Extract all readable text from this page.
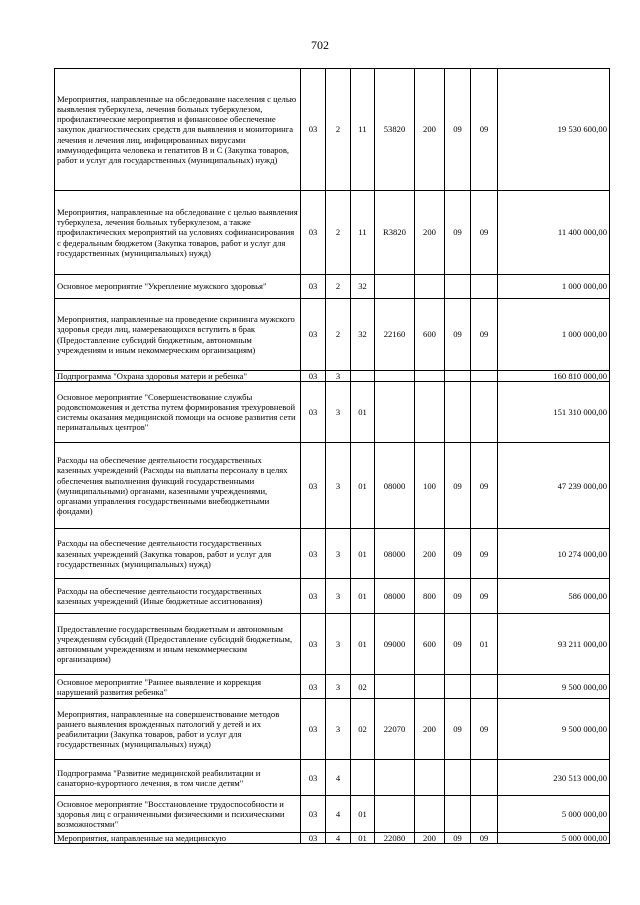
702
Мероприятия, направленные на обследование населения с целью выявления туберкулеза, лечения больных туберкулезом, профилактические мероприятия и финансовое обеспечение закупок диагностических средств для выявления и мониторинга лечения и лечения лиц, инфицированных вирусами иммунодефицита человека и гепатитов В и С (Закупка товаров, работ и услуг для государственных (муниципальных) нужд)	03	2	11	53820	200	09	09	19 530 600,00
Мероприятия, направленные на обследование с целью выявления туберкулеза, лечения больных туберкулезом, а также профилактических мероприятий на условиях софинансирования с федеральным бюджетом (Закупка товаров, работ и услуг для государственных (муниципальных) нужд)	03	2	11	R3820	200	09	09	11 400 000,00
Основное мероприятие "Укрепление мужского здоровья"	03	2	32					1 000 000,00
Мероприятия, направленные на проведение скрининга мужского здоровья среди лиц, намеревающихся вступить в брак (Предоставление субсидий бюджетным, автономным учреждениям и иным некоммерческим организациям)	03	2	32	22160	600	09	09	1 000 000,00
Подпрограмма "Охрана здоровья матери и ребенка"	03	3						160 810 000,00
Основное мероприятие "Совершенствование службы родовспоможения и детства путем формирования трехуровневой системы оказания медицинской помощи на основе развития сети перинатальных центров"	03	3	01					151 310 000,00
Расходы на обеспечение деятельности государственных казенных учреждений (Расходы на выплаты персоналу в целях обеспечения выполнения функций государственными (муниципальными) органами, казенными учреждениями, органами управления государственными внебюджетными фондами)	03	3	01	08000	100	09	09	47 239 000,00
Расходы на обеспечение деятельности государственных казенных учреждений (Закупка товаров, работ и услуг для государственных (муниципальных) нужд)	03	3	01	08000	200	09	09	10 274 000,00
Расходы на обеспечение деятельности государственных казенных учреждений (Иные бюджетные ассигнования)	03	3	01	08000	800	09	09	586 000,00
Предоставление государственным бюджетным и автономным учреждениям субсидий (Предоставление субсидий бюджетным, автономным учреждениям и иным некоммерческим организациям)	03	3	01	09000	600	09	01	93 211 000,00
Основное мероприятие "Раннее выявление и коррекция нарушений развития ребенка"	03	3	02					9 500 000,00
Мероприятия, направленные на совершенствование методов раннего выявления врожденных патологий у детей и их реабилитации (Закупка товаров, работ и услуг для государственных (муниципальных) нужд)	03	3	02	22070	200	09	09	9 500 000,00
Подпрограмма "Развитие медицинской реабилитации и санаторно-курортного лечения, в том числе детям"	03	4						230 513 000,00
Основное мероприятие "Восстановление трудоспособности и здоровья лиц с ограниченными физическими и психическими возможностями"	03	4	01					5 000 000,00
Мероприятия, направленные на медицинскую	03	4	01	22080	200	09	09	5 000 000,00
